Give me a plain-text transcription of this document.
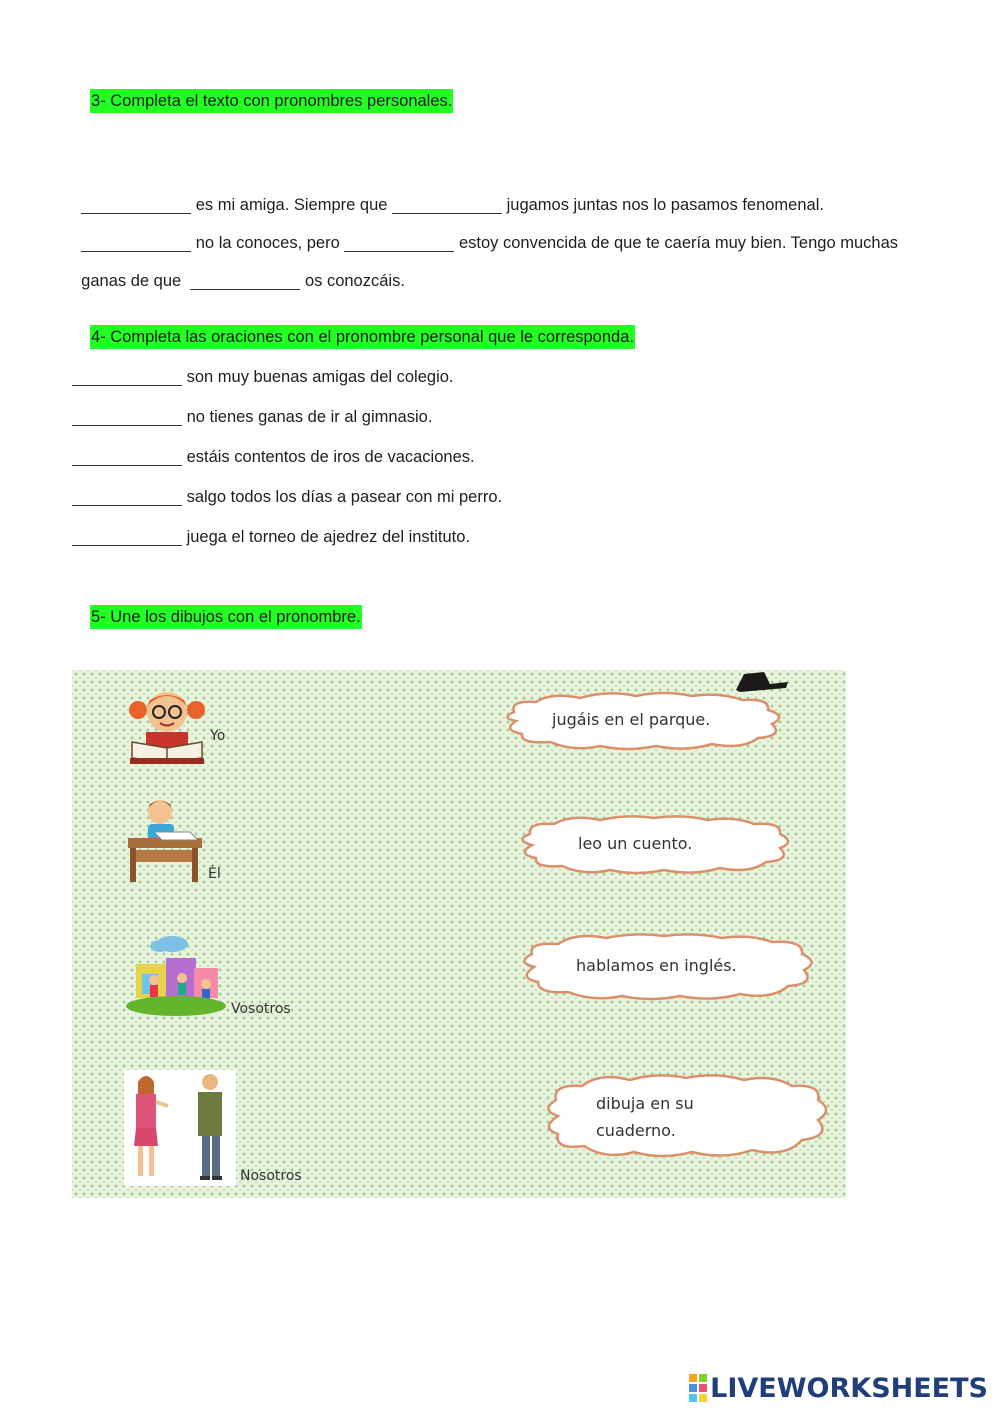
3- Completa el texto con pronombres personales.

es mi amiga. Siempre que	jugamos juntas nos lo pasamos fenomenal.

no la conoces, pero	estoy convencida de que te caería muy bien. Tengo muchas

ganas de que	os conozcáis.

4- Completa las oraciones con el pronombre personal que le corresponda.
son muy buenas amigas del colegio.
no tienes ganas de ir al gimnasio.
estáis contentos de iros de vacaciones.
salgo todos los días a pasear con mi perro.
juega el torneo de ajedrez del instituto.
5- Une los dibujos con el pronombre.
Yo
Él
Vosotros
Nosotros
jugáis en el parque.
leo un cuento.
hablamos en inglés.
dibuja en su
cuaderno.
LIVEWORKSHEETS
